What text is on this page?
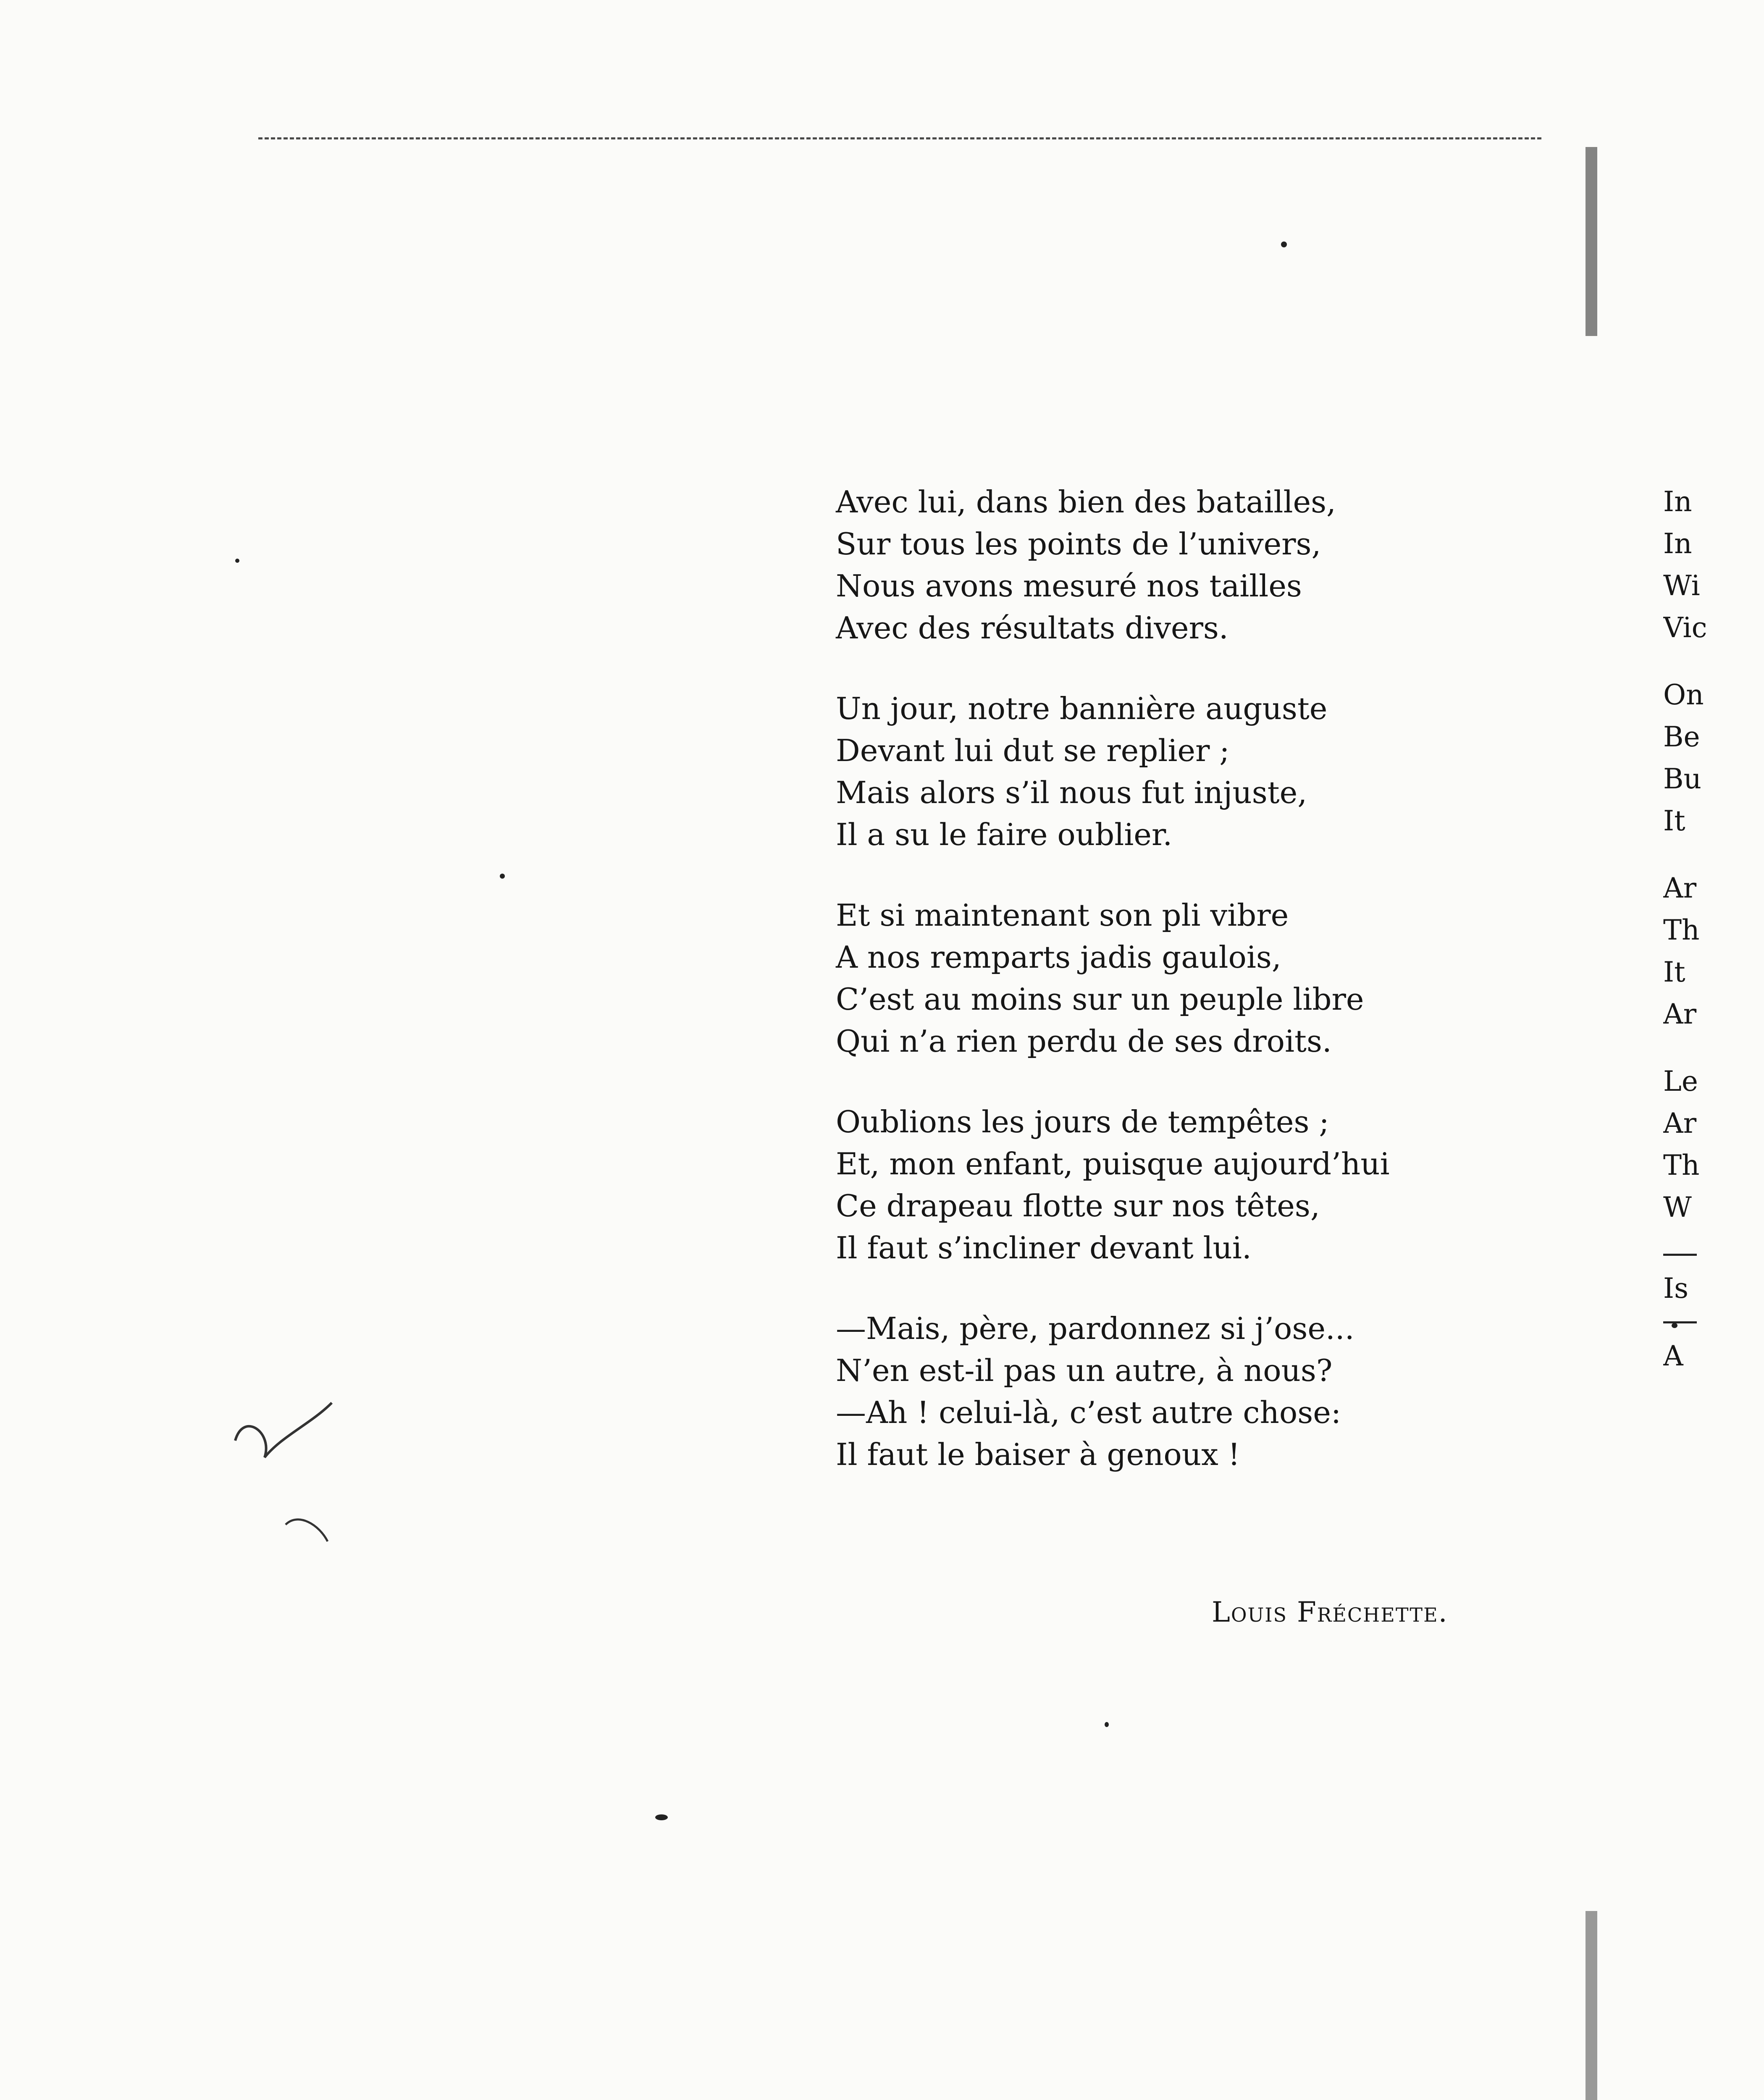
Avec lui, dans bien des batailles,
Sur tous les points de l’univers,
Nous avons mesuré nos tailles
Avec des résultats divers.
Un jour, notre bannière auguste
Devant lui dut se replier ;
Mais alors s’il nous fut injuste,
Il a su le faire oublier.
Et si maintenant son pli vibre
A nos remparts jadis gaulois,
C’est au moins sur un peuple libre
Qui n’a rien perdu de ses droits.
Oublions les jours de tempêtes ;
Et, mon enfant, puisque aujourd’hui
Ce drapeau flotte sur nos têtes,
Il faut s’incliner devant lui.
—Mais, père, pardonnez si j’ose...
N’en est-il pas un autre, à nous?
—Ah ! celui-là, c’est autre chose:
Il faut le baiser à genoux !
Louis Fréchette.
In
In
Wi
Vic
On
Be
Bu
It
Ar
Th
It
Ar
Le
Ar
Th
W
Is
A
